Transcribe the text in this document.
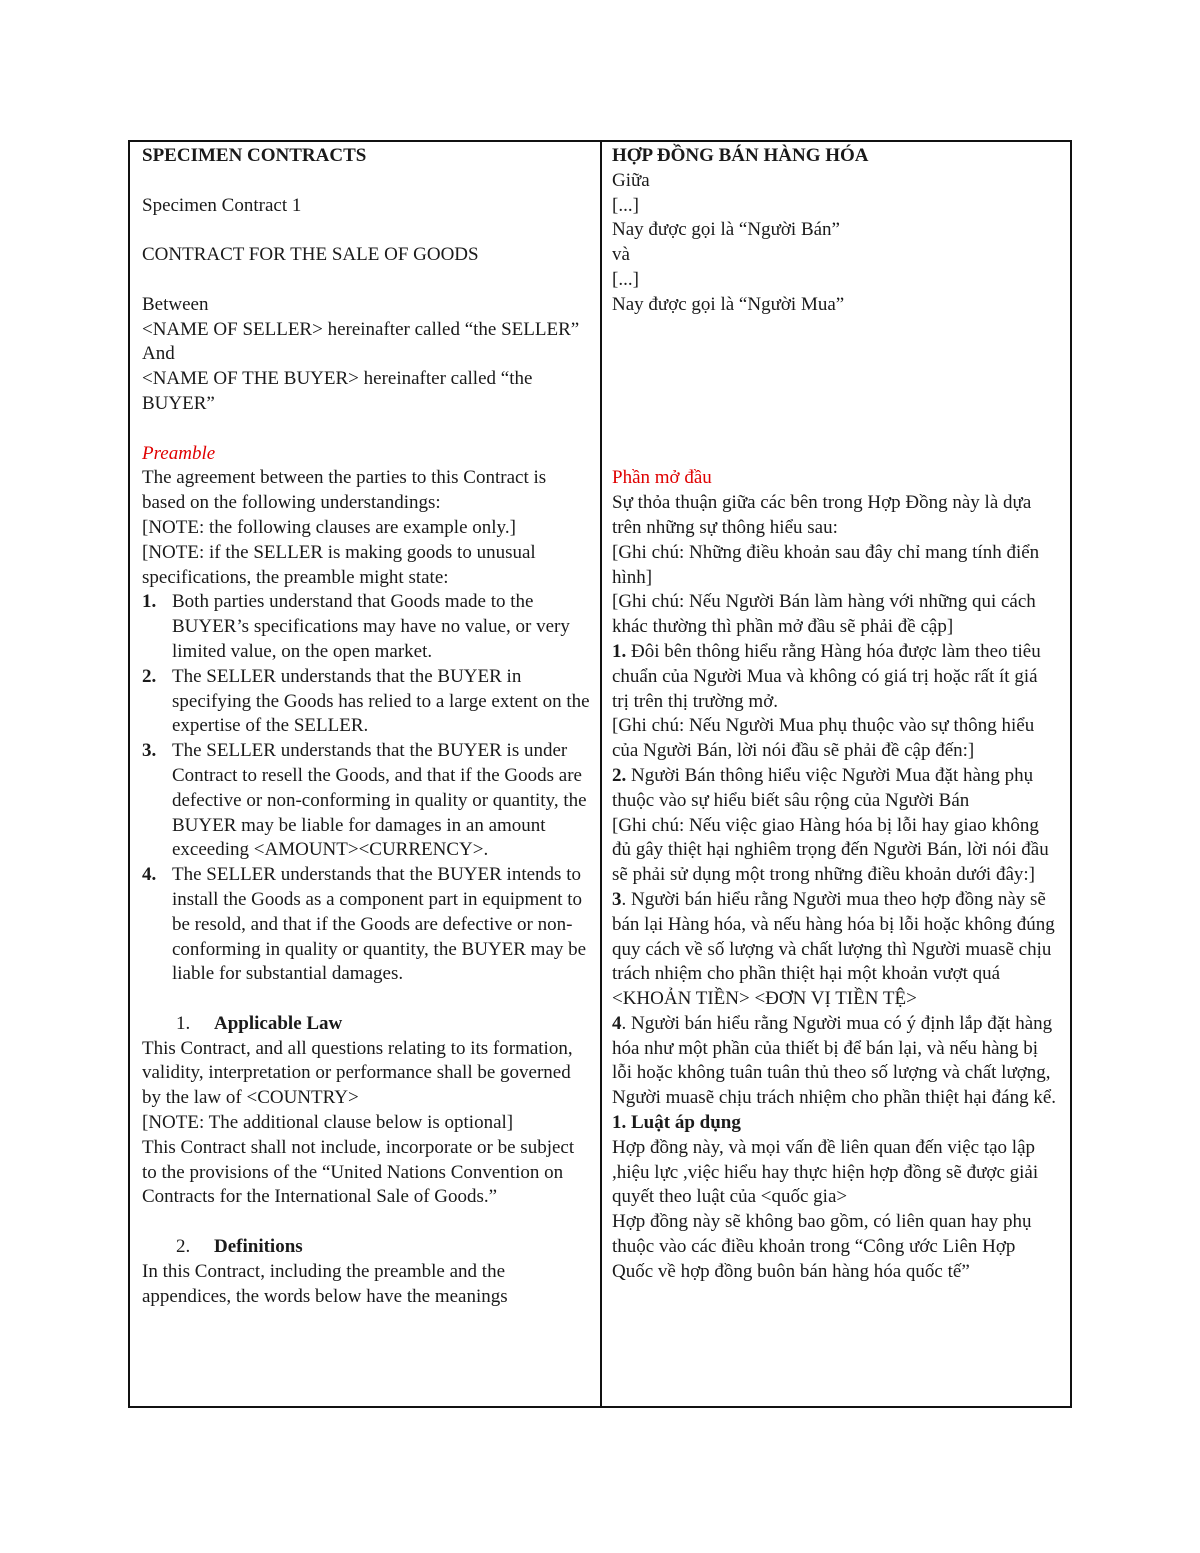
SPECIMEN CONTRACTS

Specimen Contract 1

CONTRACT FOR THE SALE OF GOODS

Between

<NAME OF SELLER> hereinafter called “the SELLER”

And

<NAME OF THE BUYER> hereinafter called “the BUYER”

Preamble

The agreement between the parties to this Contract is based on the following understandings:

[NOTE: the following clauses are example only.]

[NOTE: if the SELLER is making goods to unusual specifications, the preamble might state:

1. Both parties understand that Goods made to the BUYER’s specifications may have no value, or very limited value, on the open market.
2. The SELLER understands that the BUYER in specifying the Goods has relied to a large extent on the expertise of the SELLER.
3. The SELLER understands that the BUYER is under Contract to resell the Goods, and that if the Goods are defective or non-conforming in quality or quantity, the BUYER may be liable for damages in an amount exceeding <AMOUNT><CURRENCY>.
4. The SELLER understands that the BUYER intends to install the Goods as a component part in equipment to be resold, and that if the Goods are defective or non-conforming in quality or quantity, the BUYER may be liable for substantial damages.

1. Applicable Law

This Contract, and all questions relating to its formation, validity, interpretation or performance shall be governed by the law of <COUNTRY>

[NOTE: The additional clause below is optional]

This Contract shall not include, incorporate or be subject to the provisions of the “United Nations Convention on Contracts for the International Sale of Goods.”

2. Definitions

In this Contract, including the preamble and the appendices, the words below have the meanings

HỢP ĐỒNG BÁN HÀNG HÓA

Giữa

[...]

Nay được gọi là “Người Bán”

và

[...]

Nay được gọi là “Người Mua”

Phần mở đầu

Sự thỏa thuận giữa các bên trong Hợp Đồng này là dựa trên những sự thông hiểu sau:

[Ghi chú: Những điều khoản sau đây chỉ mang tính điển hình]

[Ghi chú: Nếu Người Bán làm hàng với những qui cách khác thường thì phần mở đầu sẽ phải đề cập]

1. Đôi bên thông hiểu rằng Hàng hóa được làm theo tiêu chuẩn của Người Mua và không có giá trị hoặc rất ít giá trị trên thị trường mở.

[Ghi chú: Nếu Người Mua phụ thuộc vào sự thông hiểu của Người Bán, lời nói đầu sẽ phải đề cập đến:]

2. Người Bán thông hiểu việc Người Mua đặt hàng phụ thuộc vào sự hiểu biết sâu rộng của Người Bán

[Ghi chú: Nếu việc giao Hàng hóa bị lỗi hay giao không đủ gây thiệt hại nghiêm trọng đến Người Bán, lời nói đầu sẽ phải sử dụng một trong những điều khoản dưới đây:]

3. Người bán hiểu rằng Người mua theo hợp đồng này sẽ bán lại Hàng hóa, và nếu hàng hóa bị lỗi hoặc không đúng quy cách về số lượng và chất lượng thì Người muasẽ chịu trách nhiệm cho phần thiệt hại một khoản vượt quá <KHOẢN TIỀN> <ĐƠN VỊ TIỀN TỆ>

4. Người bán hiểu rằng Người mua có ý định lắp đặt hàng hóa như một phần của thiết bị để bán lại, và nếu hàng bị lỗi hoặc không tuân tuân thủ theo số lượng và chất lượng, Người muasẽ chịu trách nhiệm cho phần thiệt hại đáng kể.

1. Luật áp dụng

Hợp đồng này, và mọi vấn đề liên quan đến việc tạo lập ,hiệu lực ,việc hiểu hay thực hiện hợp đồng sẽ được giải quyết theo luật của <quốc gia>

Hợp đồng này sẽ không bao gồm, có liên quan hay phụ thuộc vào các điều khoản trong “Công ước Liên Hợp Quốc về hợp đồng buôn bán hàng hóa quốc tế”
